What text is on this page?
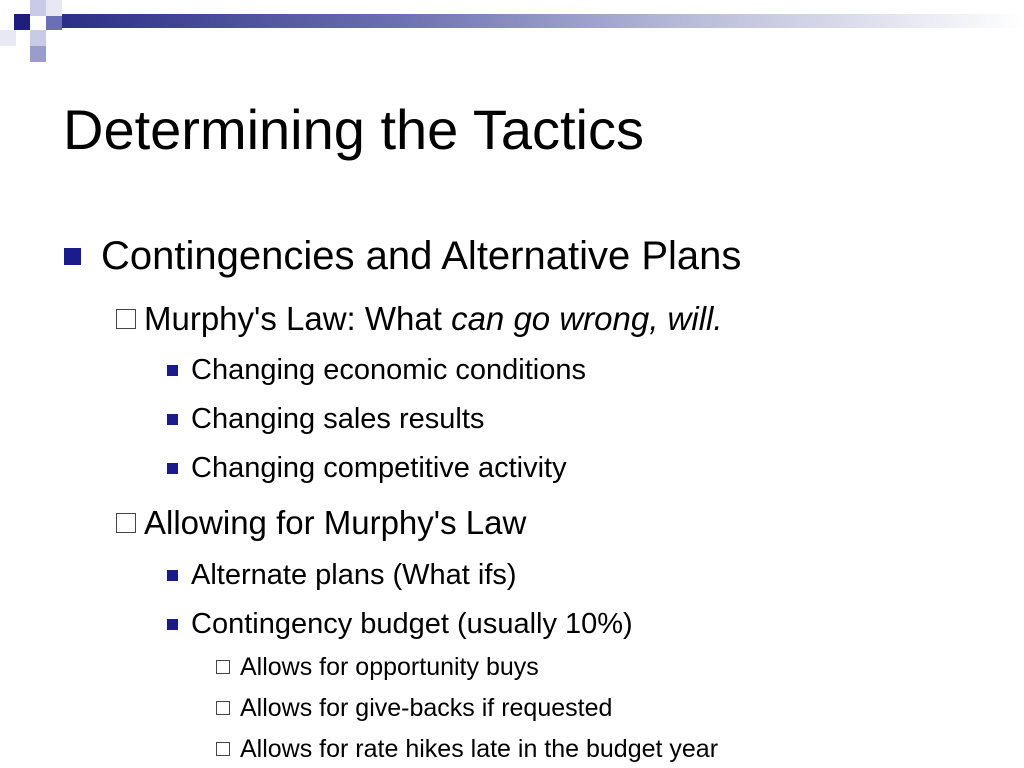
Determining the Tactics
Contingencies and Alternative Plans
Murphy's Law: What can go wrong, will.
Changing economic conditions
Changing sales results
Changing competitive activity
Allowing for Murphy's Law
Alternate plans (What ifs)
Contingency budget (usually 10%)
Allows for opportunity buys
Allows for give-backs if requested
Allows for rate hikes late in the budget year
